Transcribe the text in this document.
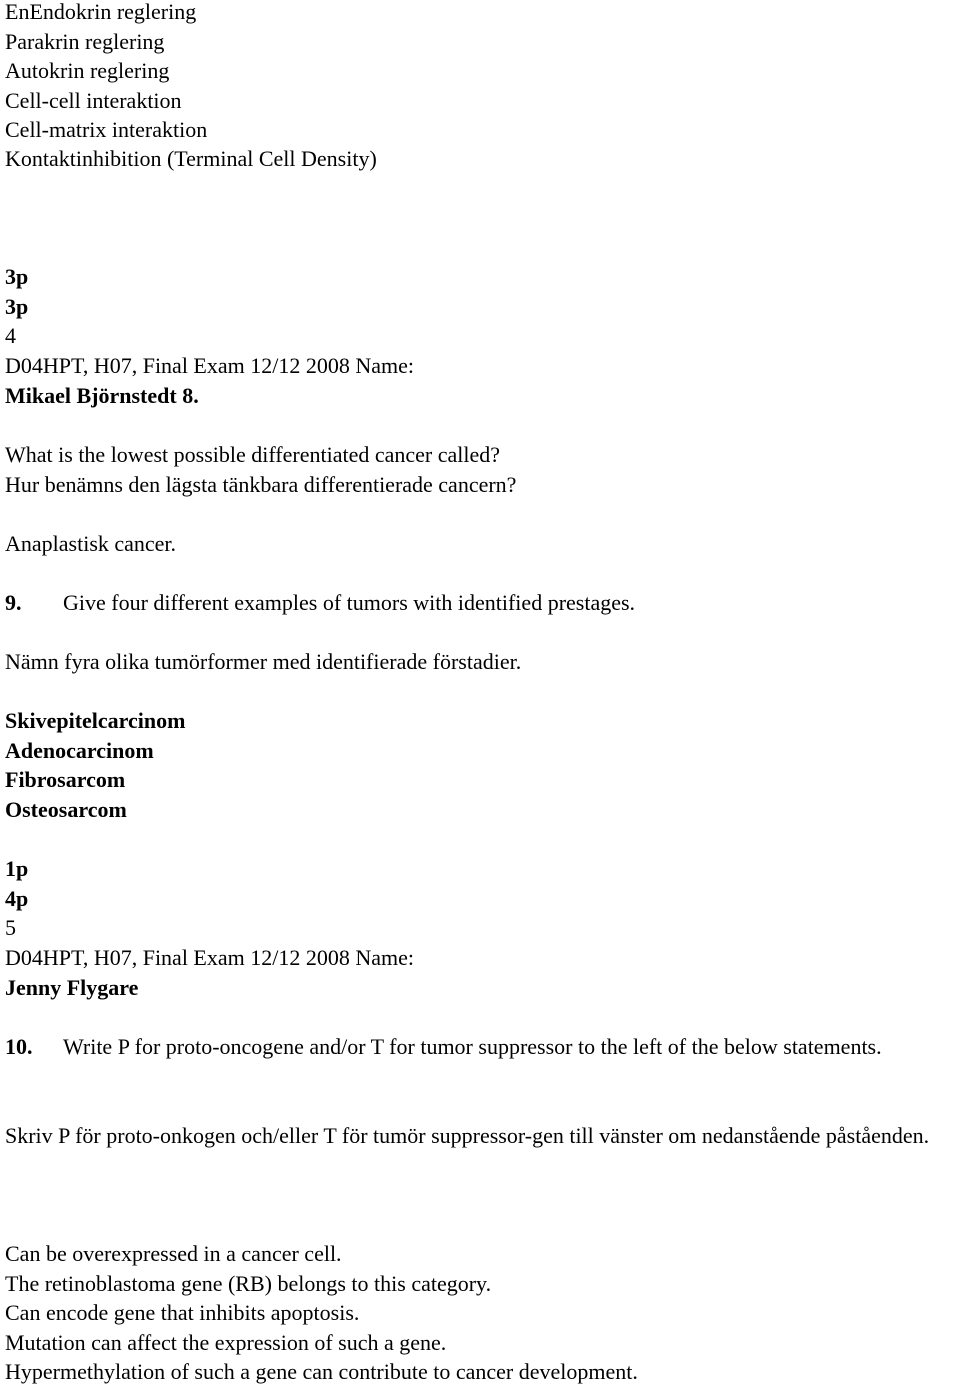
EnEndokrin reglering
Parakrin reglering
Autokrin reglering
Cell-cell interaktion
Cell-matrix interaktion
Kontaktinhibition (Terminal Cell Density)
3p
3p
4
D04HPT, H07, Final Exam 12/12 2008 Name:
Mikael Björnstedt 8.
What is the lowest possible differentiated cancer called?
Hur benämns den lägsta tänkbara differentierade cancern?
Anaplastisk cancer.
9. Give four different examples of tumors with identified prestages.
Nämn fyra olika tumörformer med identifierade förstadier.
Skivepitelcarcinom
Adenocarcinom
Fibrosarcom
Osteosarcom
1p
4p
5
D04HPT, H07, Final Exam 12/12 2008 Name:
Jenny Flygare
10. Write P for proto-oncogene and/or T for tumor suppressor to the left of the below statements.
Skriv P för proto-onkogen och/eller T för tumör suppressor-gen till vänster om nedanstående påståenden.
Can be overexpressed in a cancer cell.
The retinoblastoma gene (RB) belongs to this category.
Can encode gene that inhibits apoptosis.
Mutation can affect the expression of such a gene.
Hypermethylation of such a gene can contribute to cancer development.
